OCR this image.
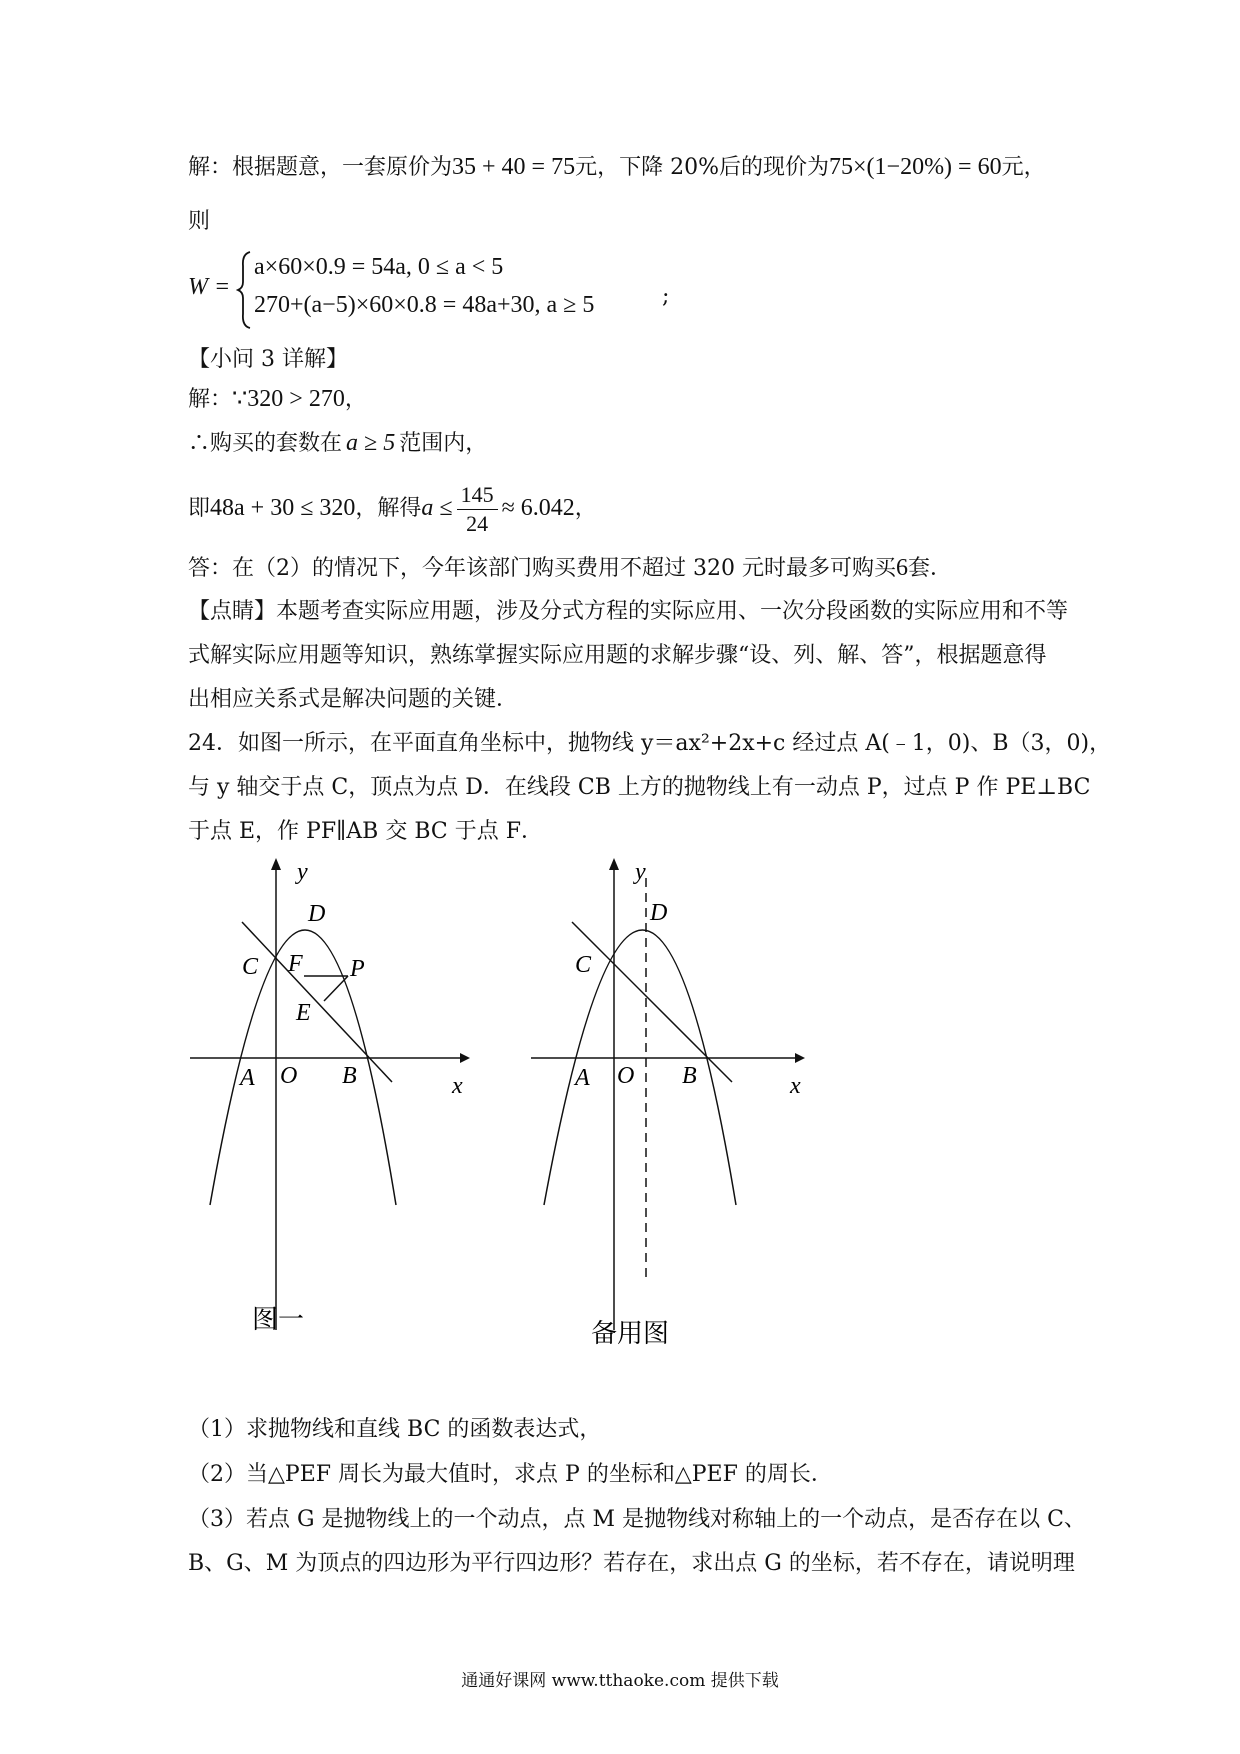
解：根据题意，一套原价为35 + 40 = 75元，下降 20%后的现价为75×(1−20%) = 60元，
则
W =
a×60×0.9 = 54a, 0 ≤ a < 5
270+(a−5)×60×0.8 = 48a+30, a ≥ 5	;
【小问 3 详解】
解：∵320 > 270，
∴购买的套数在 a ≥ 5 范围内，
即48a + 30 ≤ 320，解得$a \le \frac{145}{24} \approx 6.042$，
答：在（2）的情况下，今年该部门购买费用不超过 320 元时最多可购买6套．
【点睛】本题考查实际应用题，涉及分式方程的实际应用、一次分段函数的实际应用和不等
式解实际应用题等知识，熟练掌握实际应用题的求解步骤“设、列、解、答”，根据题意得
出相应关系式是解决问题的关键．
24．如图一所示，在平面直角坐标中，抛物线 y＝ax²+2x+c 经过点 A(﹣1，0)、B（3，0)，
与 y 轴交于点 C，顶点为点 D．在线段 CB 上方的抛物线上有一动点 P，过点 P 作 PE⊥BC
于点 E，作 PF∥AB 交 BC 于点 F．
y
D
C F P
E
A O B	x
图一
y
D
C
A O B	x
备用图
（1）求抛物线和直线 BC 的函数表达式，
（2）当△PEF 周长为最大值时，求点 P 的坐标和△PEF 的周长．
（3）若点 G 是抛物线上的一个动点，点 M 是抛物线对称轴上的一个动点，是否存在以 C、
B、G、M 为顶点的四边形为平行四边形？若存在，求出点 G 的坐标，若不存在，请说明理
通通好课网 www.tthaoke.com 提供下载
